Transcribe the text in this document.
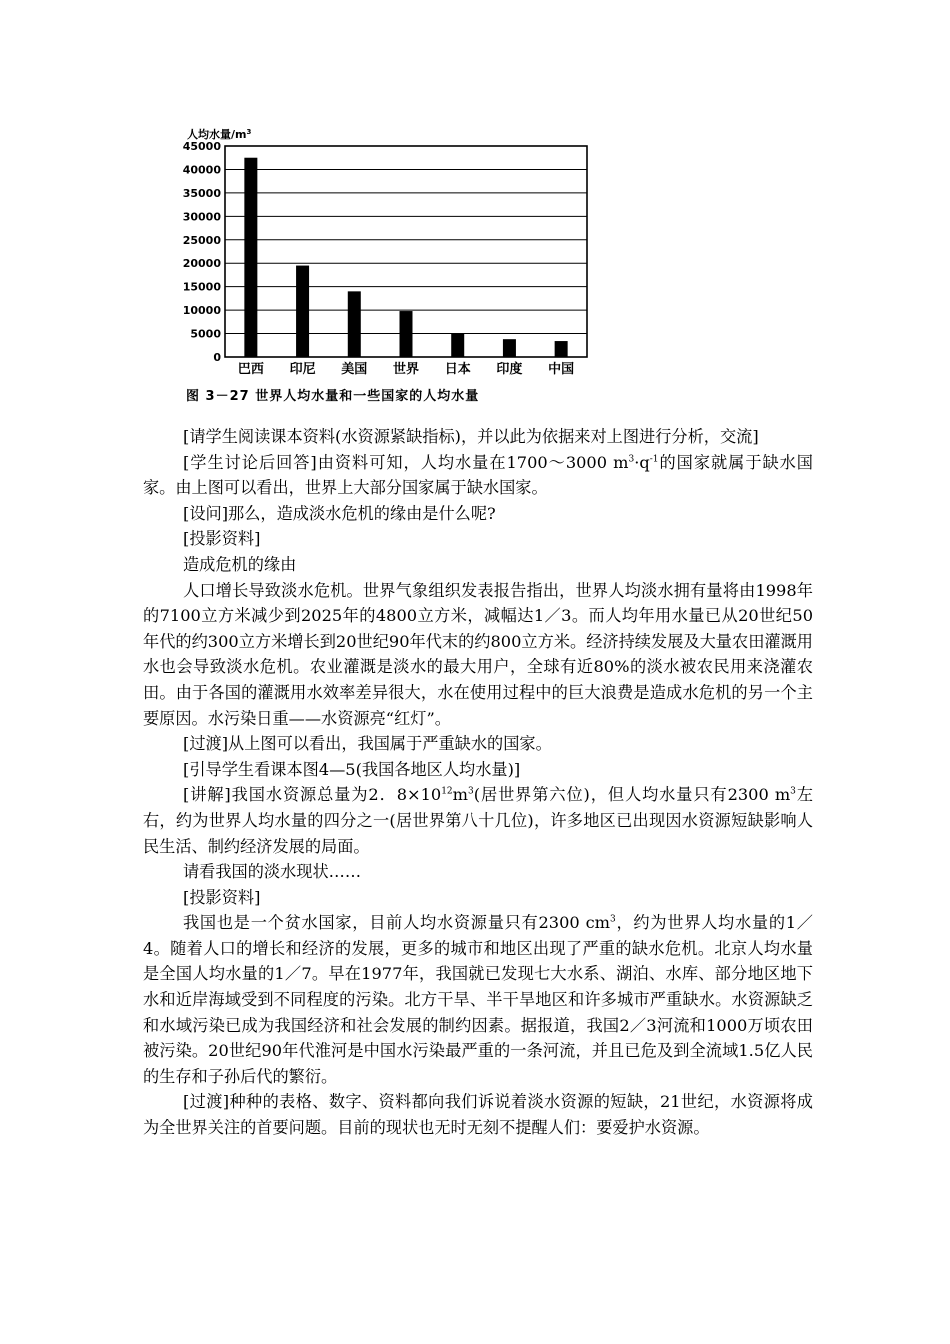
人均水量$/m^3$
0
5000
10000
15000
20000
25000
30000
35000
40000
45000
巴西 印尼 美国 世界 日本 印度 中国
图 3－27 世界人均水量和一些国家的人均水量

[请学生阅读课本资料(水资源紧缺指标)，并以此为依据来对上图进行分析，交流]

[学生讨论后回答]由资料可知，人均水量在1700～3000 $m^3\cdot q^{-1}$的国家就属于缺水国家。由上图可以看出，世界上大部分国家属于缺水国家。

[设问]那么，造成淡水危机的缘由是什么呢?

[投影资料]

造成危机的缘由

人口增长导致淡水危机。世界气象组织发表报告指出，世界人均淡水拥有量将由1998年的7100立方米减少到2025年的4800立方米，减幅达1／3。而人均年用水量已从20世纪50年代的约300立方米增长到20世纪90年代末的约800立方米。经济持续发展及大量农田灌溉用水也会导致淡水危机。农业灌溉是淡水的最大用户，全球有近80%的淡水被农民用来浇灌农田。由于各国的灌溉用水效率差异很大，水在使用过程中的巨大浪费是造成水危机的另一个主要原因。水污染日重——水资源亮“红灯”。

[过渡]从上图可以看出，我国属于严重缺水的国家。

[引导学生看课本图4—5(我国各地区人均水量)]

[讲解]我国水资源总量为2．$8\times 10^{12}m^3$(居世界第六位)，但人均水量只有2300 $m^3$左右，约为世界人均水量的四分之一(居世界第八十几位)，许多地区已出现因水资源短缺影响人民生活、制约经济发展的局面。

请看我国的淡水现状……

[投影资料]

我国也是一个贫水国家，目前人均水资源量只有2300 $cm^3$，约为世界人均水量的1／4。随着人口的增长和经济的发展，更多的城市和地区出现了严重的缺水危机。北京人均水量是全国人均水量的1／7。早在1977年，我国就已发现七大水系、湖泊、水库、部分地区地下水和近岸海域受到不同程度的污染。北方干旱、半干旱地区和许多城市严重缺水。水资源缺乏和水域污染已成为我国经济和社会发展的制约因素。据报道，我国2／3河流和1000万顷农田被污染。20世纪90年代淮河是中国水污染最严重的一条河流，并且已危及到全流域1.5亿人民的生存和子孙后代的繁衍。

[过渡]种种的表格、数字、资料都向我们诉说着淡水资源的短缺，21世纪，水资源将成为全世界关注的首要问题。目前的现状也无时无刻不提醒人们：要爱护水资源。
